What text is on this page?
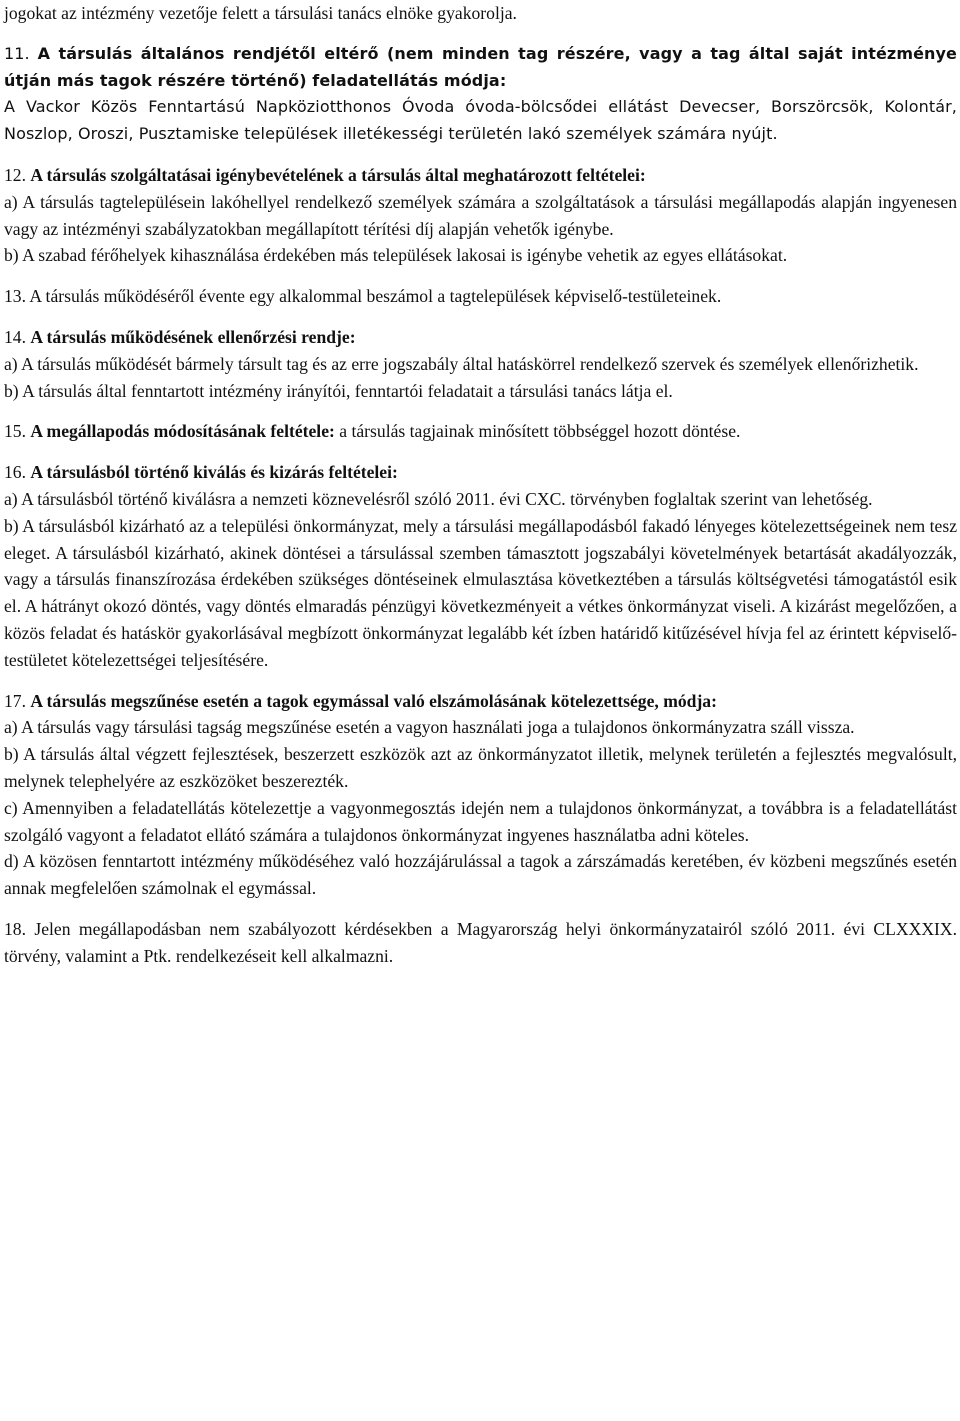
jogokat az intézmény vezetője felett a társulási tanács elnöke gyakorolja.

11. A társulás általános rendjétől eltérő (nem minden tag részére, vagy a tag által saját intézménye útján más tagok részére történő) feladatellátás módja:

A Vackor Közös Fenntartású Napköziotthonos Óvoda óvoda-bölcsődei ellátást Devecser, Borszörcsök, Kolontár, Noszlop, Oroszi, Pusztamiske települések illetékességi területén lakó személyek számára nyújt.

12. A társulás szolgáltatásai igénybevételének a társulás által meghatározott feltételei:

a) A társulás tagtelepülésein lakóhellyel rendelkező személyek számára a szolgáltatások a társulási megállapodás alapján ingyenesen vagy az intézményi szabályzatokban megállapított térítési díj alapján vehetők igénybe.

b) A szabad férőhelyek kihasználása érdekében más települések lakosai is igénybe vehetik az egyes ellátásokat.

13. A társulás működéséről évente egy alkalommal beszámol a tagtelepülések képviselő-testületeinek.

14. A társulás működésének ellenőrzési rendje:

a) A társulás működését bármely társult tag és az erre jogszabály által hatáskörrel rendelkező szervek és személyek ellenőrizhetik.

b) A társulás által fenntartott intézmény irányítói, fenntartói feladatait a társulási tanács látja el.

15. A megállapodás módosításának feltétele: a társulás tagjainak minősített többséggel hozott döntése.

16. A társulásból történő kiválás és kizárás feltételei:

a) A társulásból történő kiválásra a nemzeti köznevelésről szóló 2011. évi CXC. törvényben foglaltak szerint van lehetőség.

b) A társulásból kizárható az a települési önkormányzat, mely a társulási megállapodásból fakadó lényeges kötelezettségeinek nem tesz eleget. A társulásból kizárható, akinek döntései a társulással szemben támasztott jogszabályi követelmények betartását akadályozzák, vagy a társulás finanszírozása érdekében szükséges döntéseinek elmulasztása következtében a társulás költségvetési támogatástól esik el. A hátrányt okozó döntés, vagy döntés elmaradás pénzügyi következményeit a vétkes önkormányzat viseli. A kizárást megelőzően, a közös feladat és hatáskör gyakorlásával megbízott önkormányzat legalább két ízben határidő kitűzésével hívja fel az érintett képviselő-testületet kötelezettségei teljesítésére.

17. A társulás megszűnése esetén a tagok egymással való elszámolásának kötelezettsége, módja:

a) A társulás vagy társulási tagság megszűnése esetén a vagyon használati joga a tulajdonos önkormányzatra száll vissza.

b) A társulás által végzett fejlesztések, beszerzett eszközök azt az önkormányzatot illetik, melynek területén a fejlesztés megvalósult, melynek telephelyére az eszközöket beszerezték.

c) Amennyiben a feladatellátás kötelezettje a vagyonmegosztás idején nem a tulajdonos önkormányzat, a továbbra is a feladatellátást szolgáló vagyont a feladatot ellátó számára a tulajdonos önkormányzat ingyenes használatba adni köteles.

d) A közösen fenntartott intézmény működéséhez való hozzájárulással a tagok a zárszámadás keretében, év közbeni megszűnés esetén annak megfelelően számolnak el egymással.

18. Jelen megállapodásban nem szabályozott kérdésekben a Magyarország helyi önkormányzatairól szóló 2011. évi CLXXXIX. törvény, valamint a Ptk. rendelkezéseit kell alkalmazni.
